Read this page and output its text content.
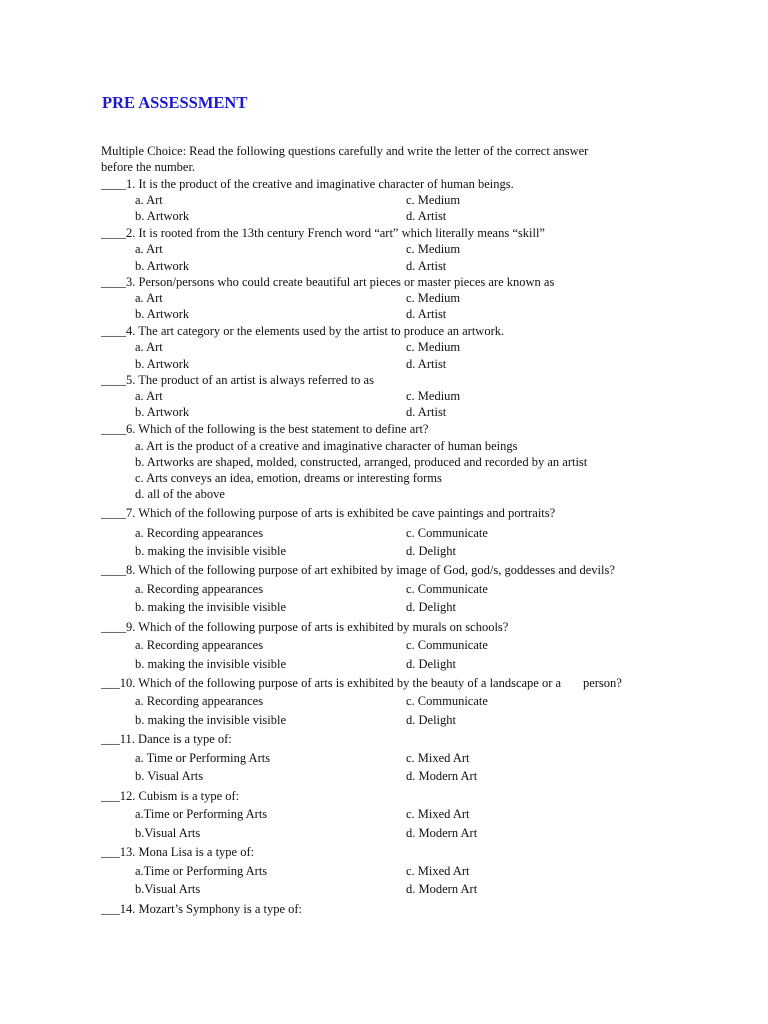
PRE ASSESSMENT
Multiple Choice: Read the following questions carefully and write the letter of the correct answer
before the number.
____1. It is the product of the creative and imaginative character of human beings.
a. Art	c. Medium
b. Artwork	d. Artist
____2. It is rooted from the 13th century French word “art” which literally means “skill”
a. Art	c. Medium
b. Artwork	d. Artist
____3. Person/persons who could create beautiful art pieces or master pieces are known as
a. Art	c. Medium
b. Artwork	d. Artist
____4. The art category or the elements used by the artist to produce an artwork.
a. Art	c. Medium
b. Artwork	d. Artist
____5. The product of an artist is always referred to as
a. Art	c. Medium
b. Artwork	d. Artist
____6. Which of the following is the best statement to define art?
a. Art is the product of a creative and imaginative character of human beings
b. Artworks are shaped, molded, constructed, arranged, produced and recorded by an artist
c. Arts conveys an idea, emotion, dreams or interesting forms
d. all of the above
____7. Which of the following purpose of arts is exhibited be cave paintings and portraits?
a. Recording appearances	c. Communicate
b. making the invisible visible	d. Delight
____8. Which of the following purpose of art exhibited by image of God, god/s, goddesses and devils?
a. Recording appearances	c. Communicate
b. making the invisible visible	d. Delight
____9. Which of the following purpose of arts is exhibited by murals on schools?
a. Recording appearances	c. Communicate
b. making the invisible visible	d. Delight
___10. Which of the following purpose of arts is exhibited by the beauty of a landscape or a       person?
a. Recording appearances	c. Communicate
b. making the invisible visible	d. Delight
___11. Dance is a type of:
a. Time or Performing Arts	c. Mixed Art
b. Visual Arts	d. Modern Art
___12. Cubism is a type of:
a.Time or Performing Arts	c. Mixed Art
b.Visual Arts	d. Modern Art
___13. Mona Lisa is a type of:
a.Time or Performing Arts	c. Mixed Art
b.Visual Arts	d. Modern Art
___14. Mozart’s Symphony is a type of:
